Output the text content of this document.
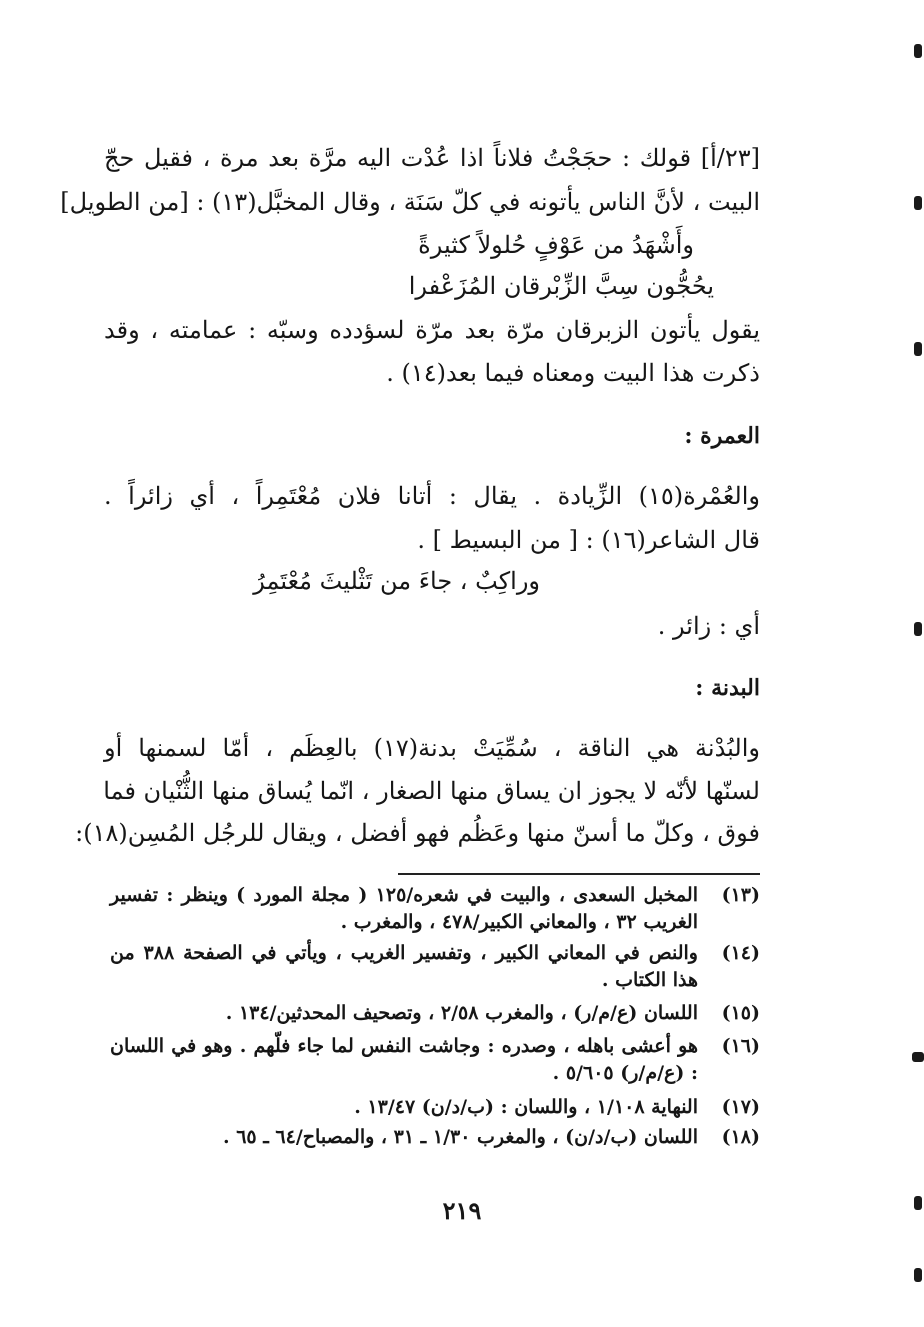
[٢٣/أ] قولك : حجَجْتُ فلاناً اذا عُدْت اليه مرَّة بعد مرة ، فقيل حجّ
البيت ، لأنَّ الناس يأتونه في كلّ سَنَة ، وقال المخبَّل(١٣) : [من الطويل]
وأَشْهَدُ من عَوْفٍ حُلولاً كثيرةً
يحُجُّون سِبَّ الزِّبْرقان المُزَعْفرا
يقول يأتون الزبرقان مرّة بعد مرّة لسؤدده وسبّه : عمامته ، وقد
ذكرت هذا البيت ومعناه فيما بعد(١٤) .
العمرة :
والعُمْرة(١٥) الزِّيادة . يقال : أتانا فلان مُعْتَمِراً ، أي زائراً .
قال الشاعر(١٦) : [ من البسيط ] .
وراكِبٌ ، جاءَ من تَثْليثَ مُعْتَمِرُ
أي : زائر .
البدنة :
والبُدْنة هي الناقة ، سُمِّيَتْ بدنة(١٧) بالعِظَم ، أمّا لسمنها أو
لسنّها لأنّه لا يجوز ان يساق منها الصغار ، انّما يُساق منها الثُّنْيان فما
فوق ، وكلّ ما أسنّ منها وعَظُم فهو أفضل ، ويقال للرجُل المُسِن(١٨):
(١٣)
المخبل السعدى ، والبيت في شعره/١٢٥ ( مجلة المورد ) وينظر : تفسير الغريب ٣٢ ، والمعاني الكبير/٤٧٨ ، والمغرب .
(١٤)
والنص في المعاني الكبير ، وتفسير الغريب ، ويأتي في الصفحة ٣٨٨ من هذا الكتاب .
(١٥)
اللسان (ع/م/ر) ، والمغرب ٢/٥٨ ، وتصحيف المحدثين/١٣٤ .
(١٦)
هو أعشى باهله ، وصدره : وجاشت النفس لما جاء فلّهم . وهو في اللسان : (ع/م/ر) ٥/٦٠٥ .
(١٧)
النهاية ١/١٠٨ ، واللسان : (ب/د/ن) ١٣/٤٧ .
(١٨)
اللسان (ب/د/ن) ، والمغرب ١/٣٠ ـ ٣١ ، والمصباح/٦٤ ـ ٦٥ .
٢١٩
